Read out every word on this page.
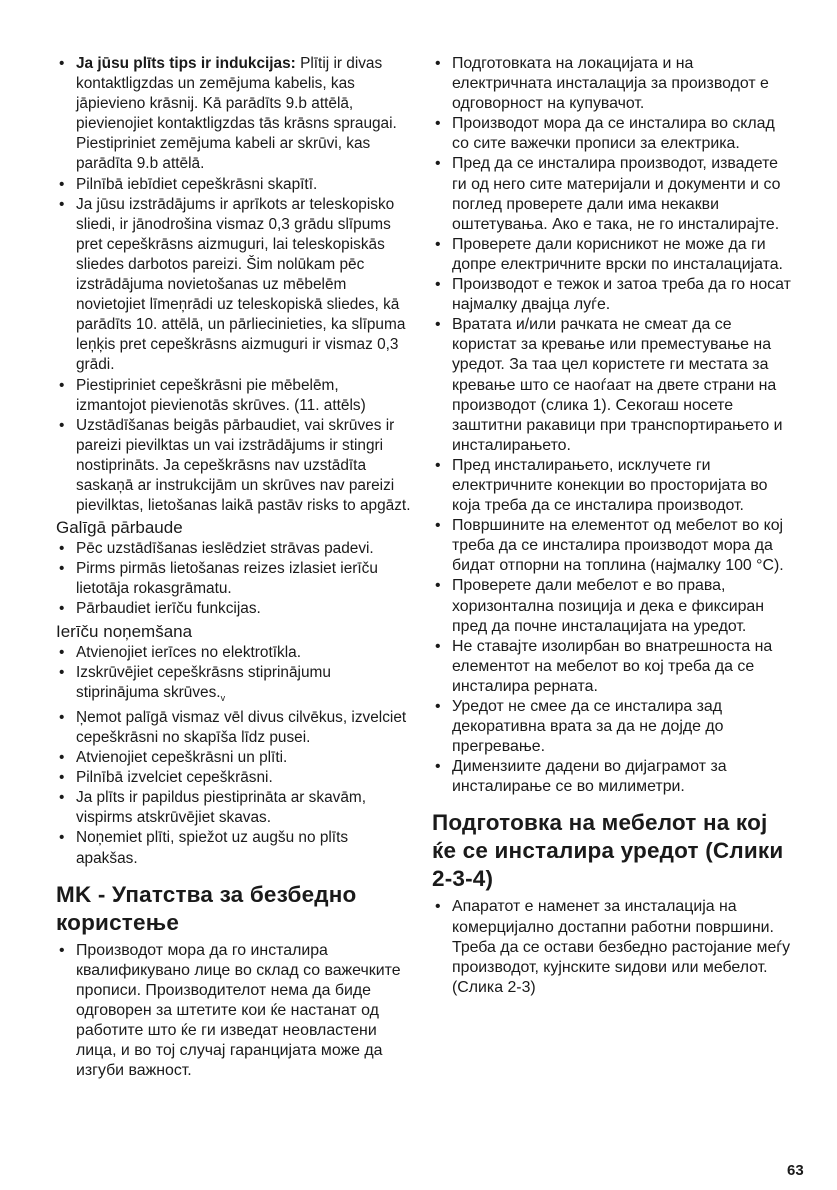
• Ja jūsu plīts tips ir indukcijas: Plītij ir divas kontaktligzdas un zemējuma kabelis, kas jāpievieno krāsnij. Kā parādīts 9.b attēlā, pievienojiet kontaktligzdas tās krāsns spraugai. Piestipriniet zemējuma kabeli ar skrūvi, kas parādīta 9.b attēlā.
• Pilnībā iebīdiet cepeškrāsni skapītī.
• Ja jūsu izstrādājums ir aprīkots ar teleskopisko sliedi, ir jānodrošina vismaz 0,3 grādu slīpums pret cepeškrāsns aizmuguri, lai teleskopiskās sliedes darbotos pareizi. Šim nolūkam pēc izstrādājuma novietošanas uz mēbelēm novietojiet līmeņrādi uz teleskopiskā sliedes, kā parādīts 10. attēlā, un pārliecinieties, ka slīpuma leņķis pret cepeškrāsns aizmuguri ir vismaz 0,3 grādi.
• Piestipriniet cepeškrāsni pie mēbelēm, izmantojot pievienotās skrūves. (11. attēls)
• Uzstādīšanas beigās pārbaudiet, vai skrūves ir pareizi pievilktas un vai izstrādājums ir stingri nostiprināts. Ja cepeškrāsns nav uzstādīta saskaņā ar instrukcijām un skrūves nav pareizi pievilktas, lietošanas laikā pastāv risks to apgāzt.
Galīgā pārbaude
• Pēc uzstādīšanas ieslēdziet strāvas padevi.
• Pirms pirmās lietošanas reizes izlasiet ierīču lietotāja rokasgrāmatu.
• Pārbaudiet ierīču funkcijas.
Ierīču noņemšana
• Atvienojiet ierīces no elektrotīkla.
• Izskrūvējiet cepeškrāsns stiprinājumu stiprinājuma $skrūves._v$
• Ņemot palīgā vismaz vēl divus cilvēkus, izvelciet cepeškrāsni no skapīša līdz pusei.
• Atvienojiet cepeškrāsni un plīti.
• Pilnībā izvelciet cepeškrāsni.
• Ja plīts ir papildus piestiprināta ar skavām, vispirms atskrūvējiet skavas.
• Noņemiet plīti, spiežot uz augšu no plīts apakšas.
MK - Упатства за безбедно користење
• Производот мора да го инсталира квалификувано лице во склад со важечките прописи. Производителот нема да биде одговорен за штетите кои ќе настанат од работите што ќе ги изведат неовластени лица, и во тој случај гаранцијата може да изгуби важност.
• Подготовката на локацијата и на електричната инсталација за производот е одговорност на купувачот.
• Производот мора да се инсталира во склад со сите важечки прописи за електрика.
• Пред да се инсталира производот, извадете ги од него сите материјали и документи и со поглед проверете дали има некакви оштетувања. Ако е така, не го инсталирајте.
• Проверете дали корисникот не може да ги допре електричните врски по инсталацијата.
• Производот е тежок и затоа треба да го носат најмалку двајца луѓе.
• Вратата и/или рачката не смеат да се користат за кревање или преместување на уредот. За таа цел користете ги местата за кревање што се наоѓаат на двете страни на производот (слика 1). Секогаш носете заштитни ракавици при транспортирањето и инсталирањето.
• Пред инсталирањето, исклучете ги електричните конекции во просторијата во која треба да се инсталира производот.
• Површините на елементот од мебелот во кој треба да се инсталира производот мора да бидат отпорни на топлина (најмалку 100 °C).
• Проверете дали мебелот е во права, хоризонтална позиција и дека е фиксиран пред да почне инсталацијата на уредот.
• Не ставајте изолирбан во внатрешноста на елементот на мебелот во кој треба да се инсталира рерната.
• Уредот не смее да се инсталира зад декоративна врата за да не дојде до прегревање.
• Димензиите дадени во дијаграмот за инсталирање се во милиметри.
Подготовка на мебелот на кој ќе се инсталира уредот (Слики 2-3-4)
• Апаратот е наменет за инсталација на комерцијално достапни работни површини. Треба да се остави безбедно растојание меѓу производот, кујнските ѕидови или мебелот. (Слика 2-3)
63
